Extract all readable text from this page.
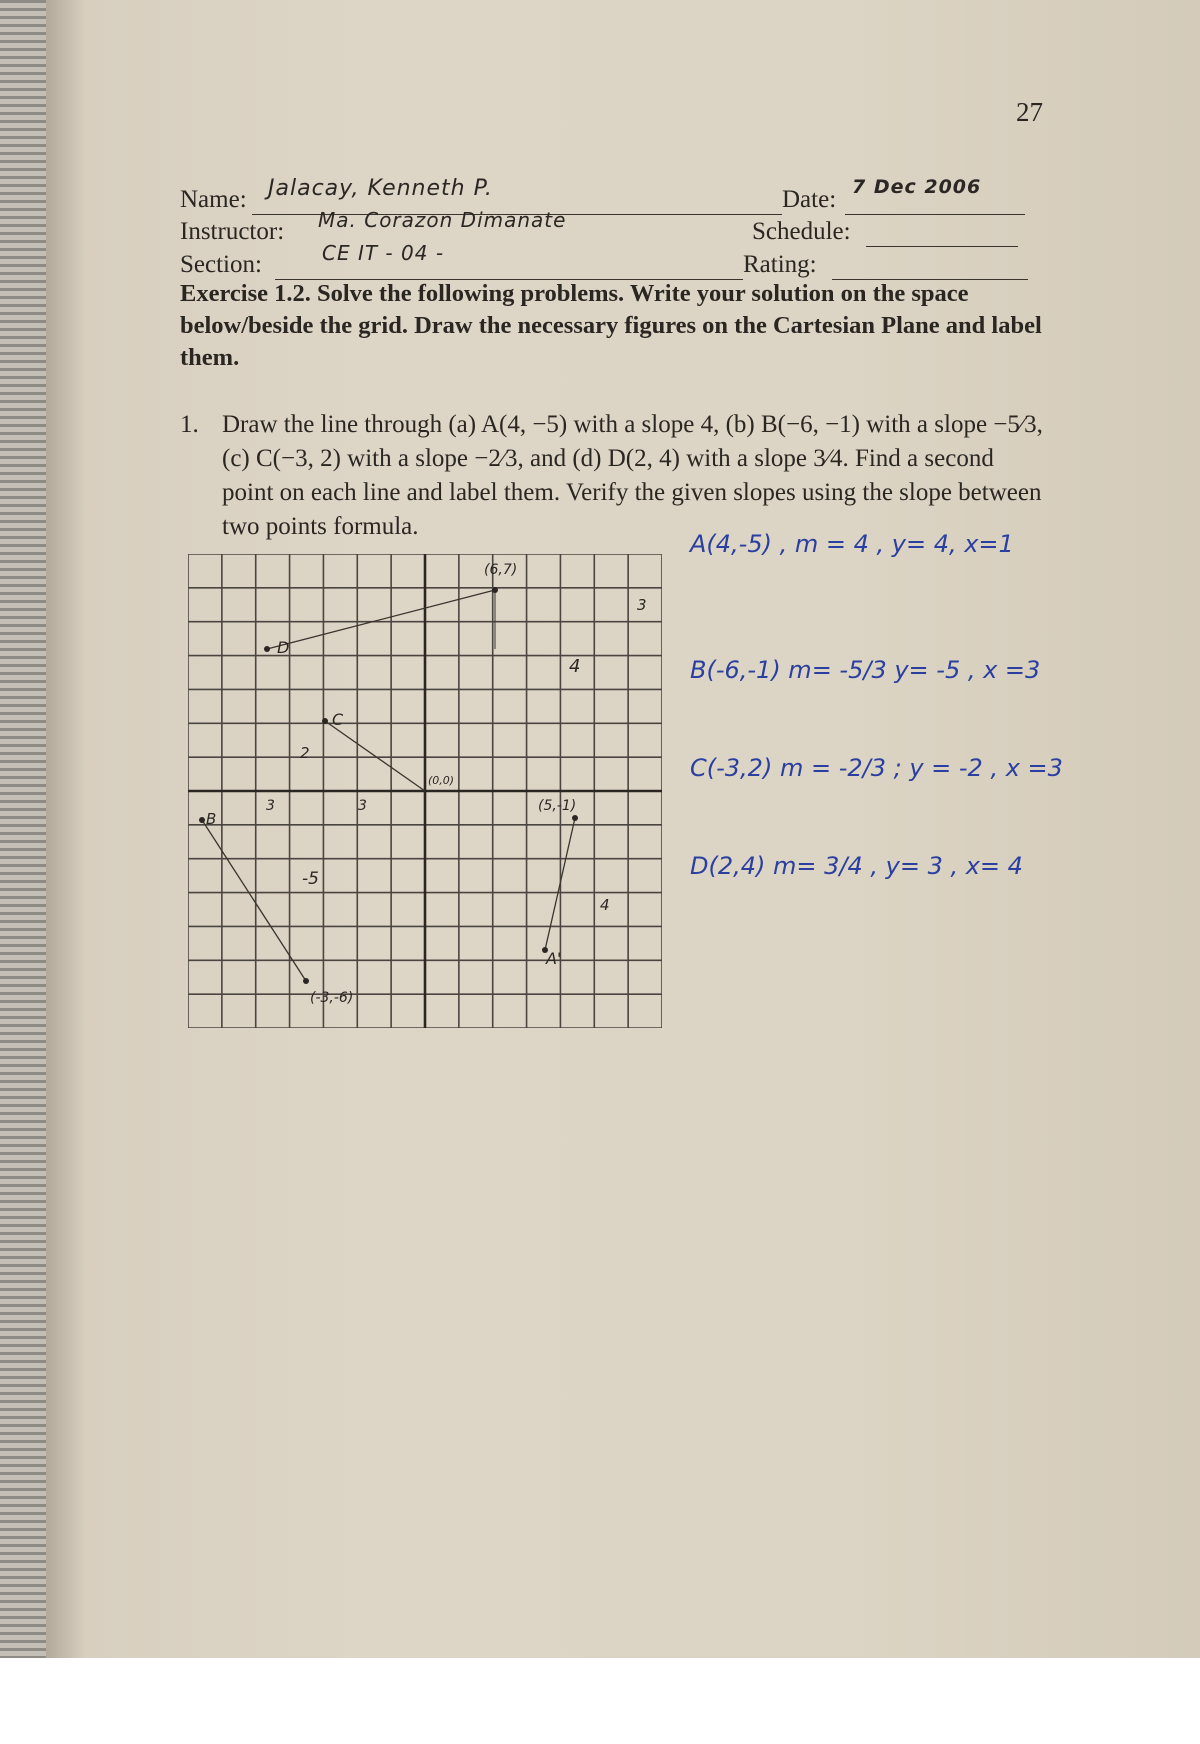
27
Name: Jalacay, Kenneth P.	Date: 7 Dec 2006
Instructor: Ma. Corazon Dimanate	Schedule:
Section:	CE IT - 04 -	Rating:
Exercise 1.2. Solve the following problems. Write your solution on the space below/beside the grid. Draw the necessary figures on the Cartesian Plane and label them.
1. Draw the line through (a) A(4, −5) with a slope 4, (b) B(−6, −1) with a slope −5⁄3, (c) C(−3, 2) with a slope −2⁄3, and (d) D(2, 4) with a slope 3⁄4. Find a second point on each line and label them. Verify the given slopes using the slope between two points formula.
(6,7)
3
4
D
C
2
(0,0)
3
B
3	(5,-1)
-5
4
A'
(-3,-6)
A(4,-5) , m = 4 , y= 4, x=1
B(-6,-1) m= -5/3 y= -5 , x =3
C(-3,2) m = -2/3 ; y = -2 , x =3
D(2,4) m= 3/4 , y= 3 , x= 4
